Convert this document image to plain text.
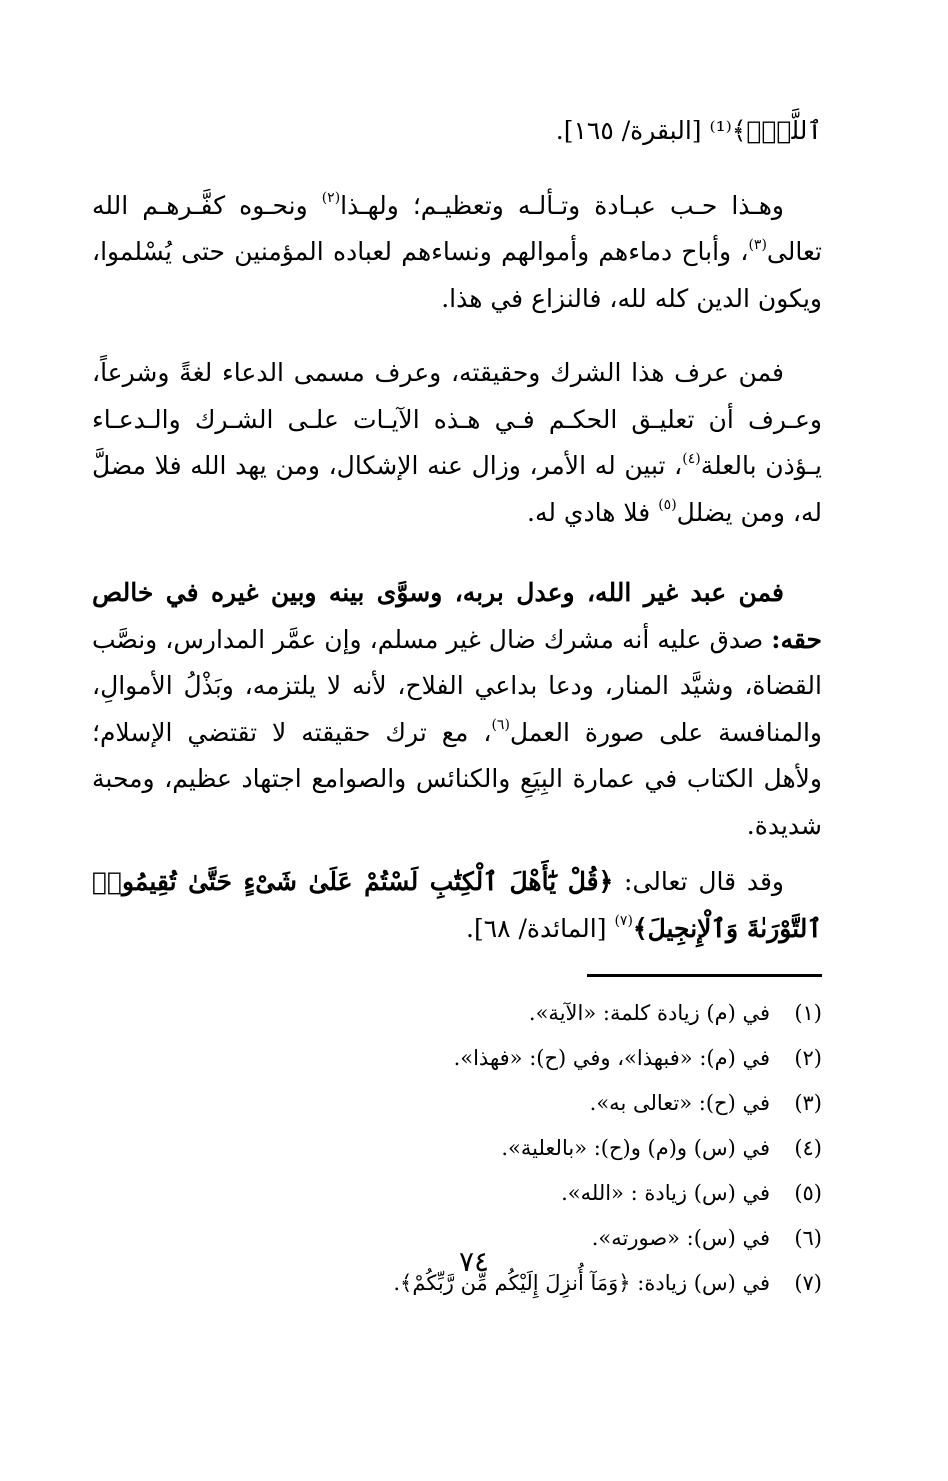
ٱللَّهِۗ﴾⁽¹⁾ [البقرة/ ١٦٥].

وهـذا حـب عبـادة وتـألـه وتعظيـم؛ ولهـذا$^{(٢)}$ ونحـوه كفَّـرهـم الله تعالى$^{(٣)}$، وأباح دماءهم وأموالهم ونساءهم لعباده المؤمنين حتى يُسْلموا، ويكون الدين كله لله، فالنزاع في هذا.

فمن عرف هذا الشرك وحقيقته، وعرف مسمى الدعاء لغةً وشرعاً، وعـرف أن تعليـق الحكـم فـي هـذه الآيـات علـى الشـرك والـدعـاء يـؤذن بالعلة$^{(٤)}$، تبين له الأمر، وزال عنه الإشكال، ومن يهد الله فلا مضلَّ له، ومن يضلل$^{(٥)}$ فلا هادي له.

فمن عبد غير الله، وعدل بربه، وسوَّى بينه وبين غيره في خالص حقه: صدق عليه أنه مشرك ضال غير مسلم، وإن عمَّر المدارس، ونصَّب القضاة، وشيَّد المنار، ودعا بداعي الفلاح، لأنه لا يلتزمه، وبَذْلُ الأموالِ، والمنافسة على صورة العمل$^{(٦)}$، مع ترك حقيقته لا تقتضي الإسلام؛ ولأهل الكتاب في عمارة البِيَعِ والكنائس والصوامع اجتهاد عظيم، ومحبة شديدة.

وقد قال تعالى: ﴿قُلْ يَٰٓأَهْلَ ٱلْكِتَٰبِ لَسْتُمْ عَلَىٰ شَىْءٍ حَتَّىٰ تُقِيمُوا۟ ٱلتَّوْرَىٰةَ وَٱلْإِنجِيلَ﴾$^{(٧)}$ [المائدة/ ٦٨].

(١)
في (م) زيادة كلمة: «الآية».
(٢)
في (م): «فبهذا»، وفي (ح): «فهذا».
(٣)
في (ح): «تعالى به».
(٤)
في (س) و(م) و(ح): «بالعلية».
(٥)
في (س) زيادة : «الله».
(٦)
في (س): «صورته».
(٧)
في (س) زيادة: ﴿وَمَآ أُنزِلَ إِلَيْكُم مِّن رَّبِّكُمْ﴾.
٧٤
